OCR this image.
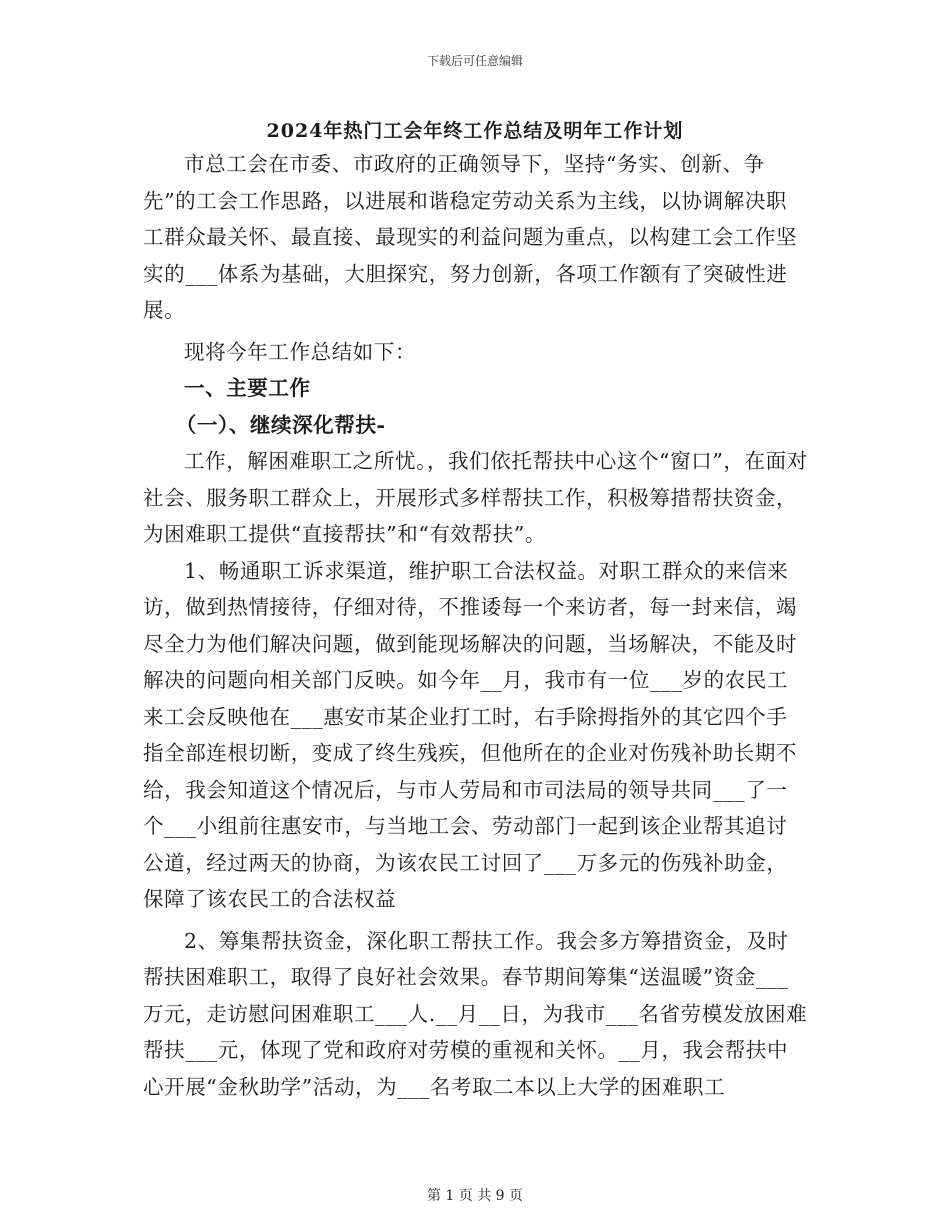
下载后可任意编辑
2024年热门工会年终工作总结及明年工作计划

市总工会在市委、市政府的正确领导下，坚持“务实、创新、争先”的工会工作思路，以进展和谐稳定劳动关系为主线，以协调解决职工群众最关怀、最直接、最现实的利益问题为重点，以构建工会工作坚实的___体系为基础，大胆探究，努力创新，各项工作额有了突破性进展。

现将今年工作总结如下：

一、主要工作

（一）、继续深化帮扶-

工作，解困难职工之所忧。，我们依托帮扶中心这个“窗口”，在面对社会、服务职工群众上，开展形式多样帮扶工作，积极筹措帮扶资金，为困难职工提供“直接帮扶”和“有效帮扶”。

1、畅通职工诉求渠道，维护职工合法权益。对职工群众的来信来访，做到热情接待，仔细对待，不推诿每一个来访者，每一封来信，竭尽全力为他们解决问题，做到能现场解决的问题，当场解决，不能及时解决的问题向相关部门反映。如今年__月，我市有一位___岁的农民工来工会反映他在___惠安市某企业打工时，右手除拇指外的其它四个手指全部连根切断，变成了终生残疾，但他所在的企业对伤残补助长期不给，我会知道这个情况后，与市人劳局和市司法局的领导共同___了一个___小组前往惠安市，与当地工会、劳动部门一起到该企业帮其追讨公道，经过两天的协商，为该农民工讨回了___万多元的伤残补助金，保障了该农民工的合法权益

2、筹集帮扶资金，深化职工帮扶工作。我会多方筹措资金，及时帮扶困难职工，取得了良好社会效果。春节期间筹集“送温暖”资金___万元，走访慰问困难职工___人.__月__日，为我市___名省劳模发放困难帮扶___元，体现了党和政府对劳模的重视和关怀。__月，我会帮扶中心开展“金秋助学”活动，为___名考取二本以上大学的困难职工

第 1 页 共 9 页
